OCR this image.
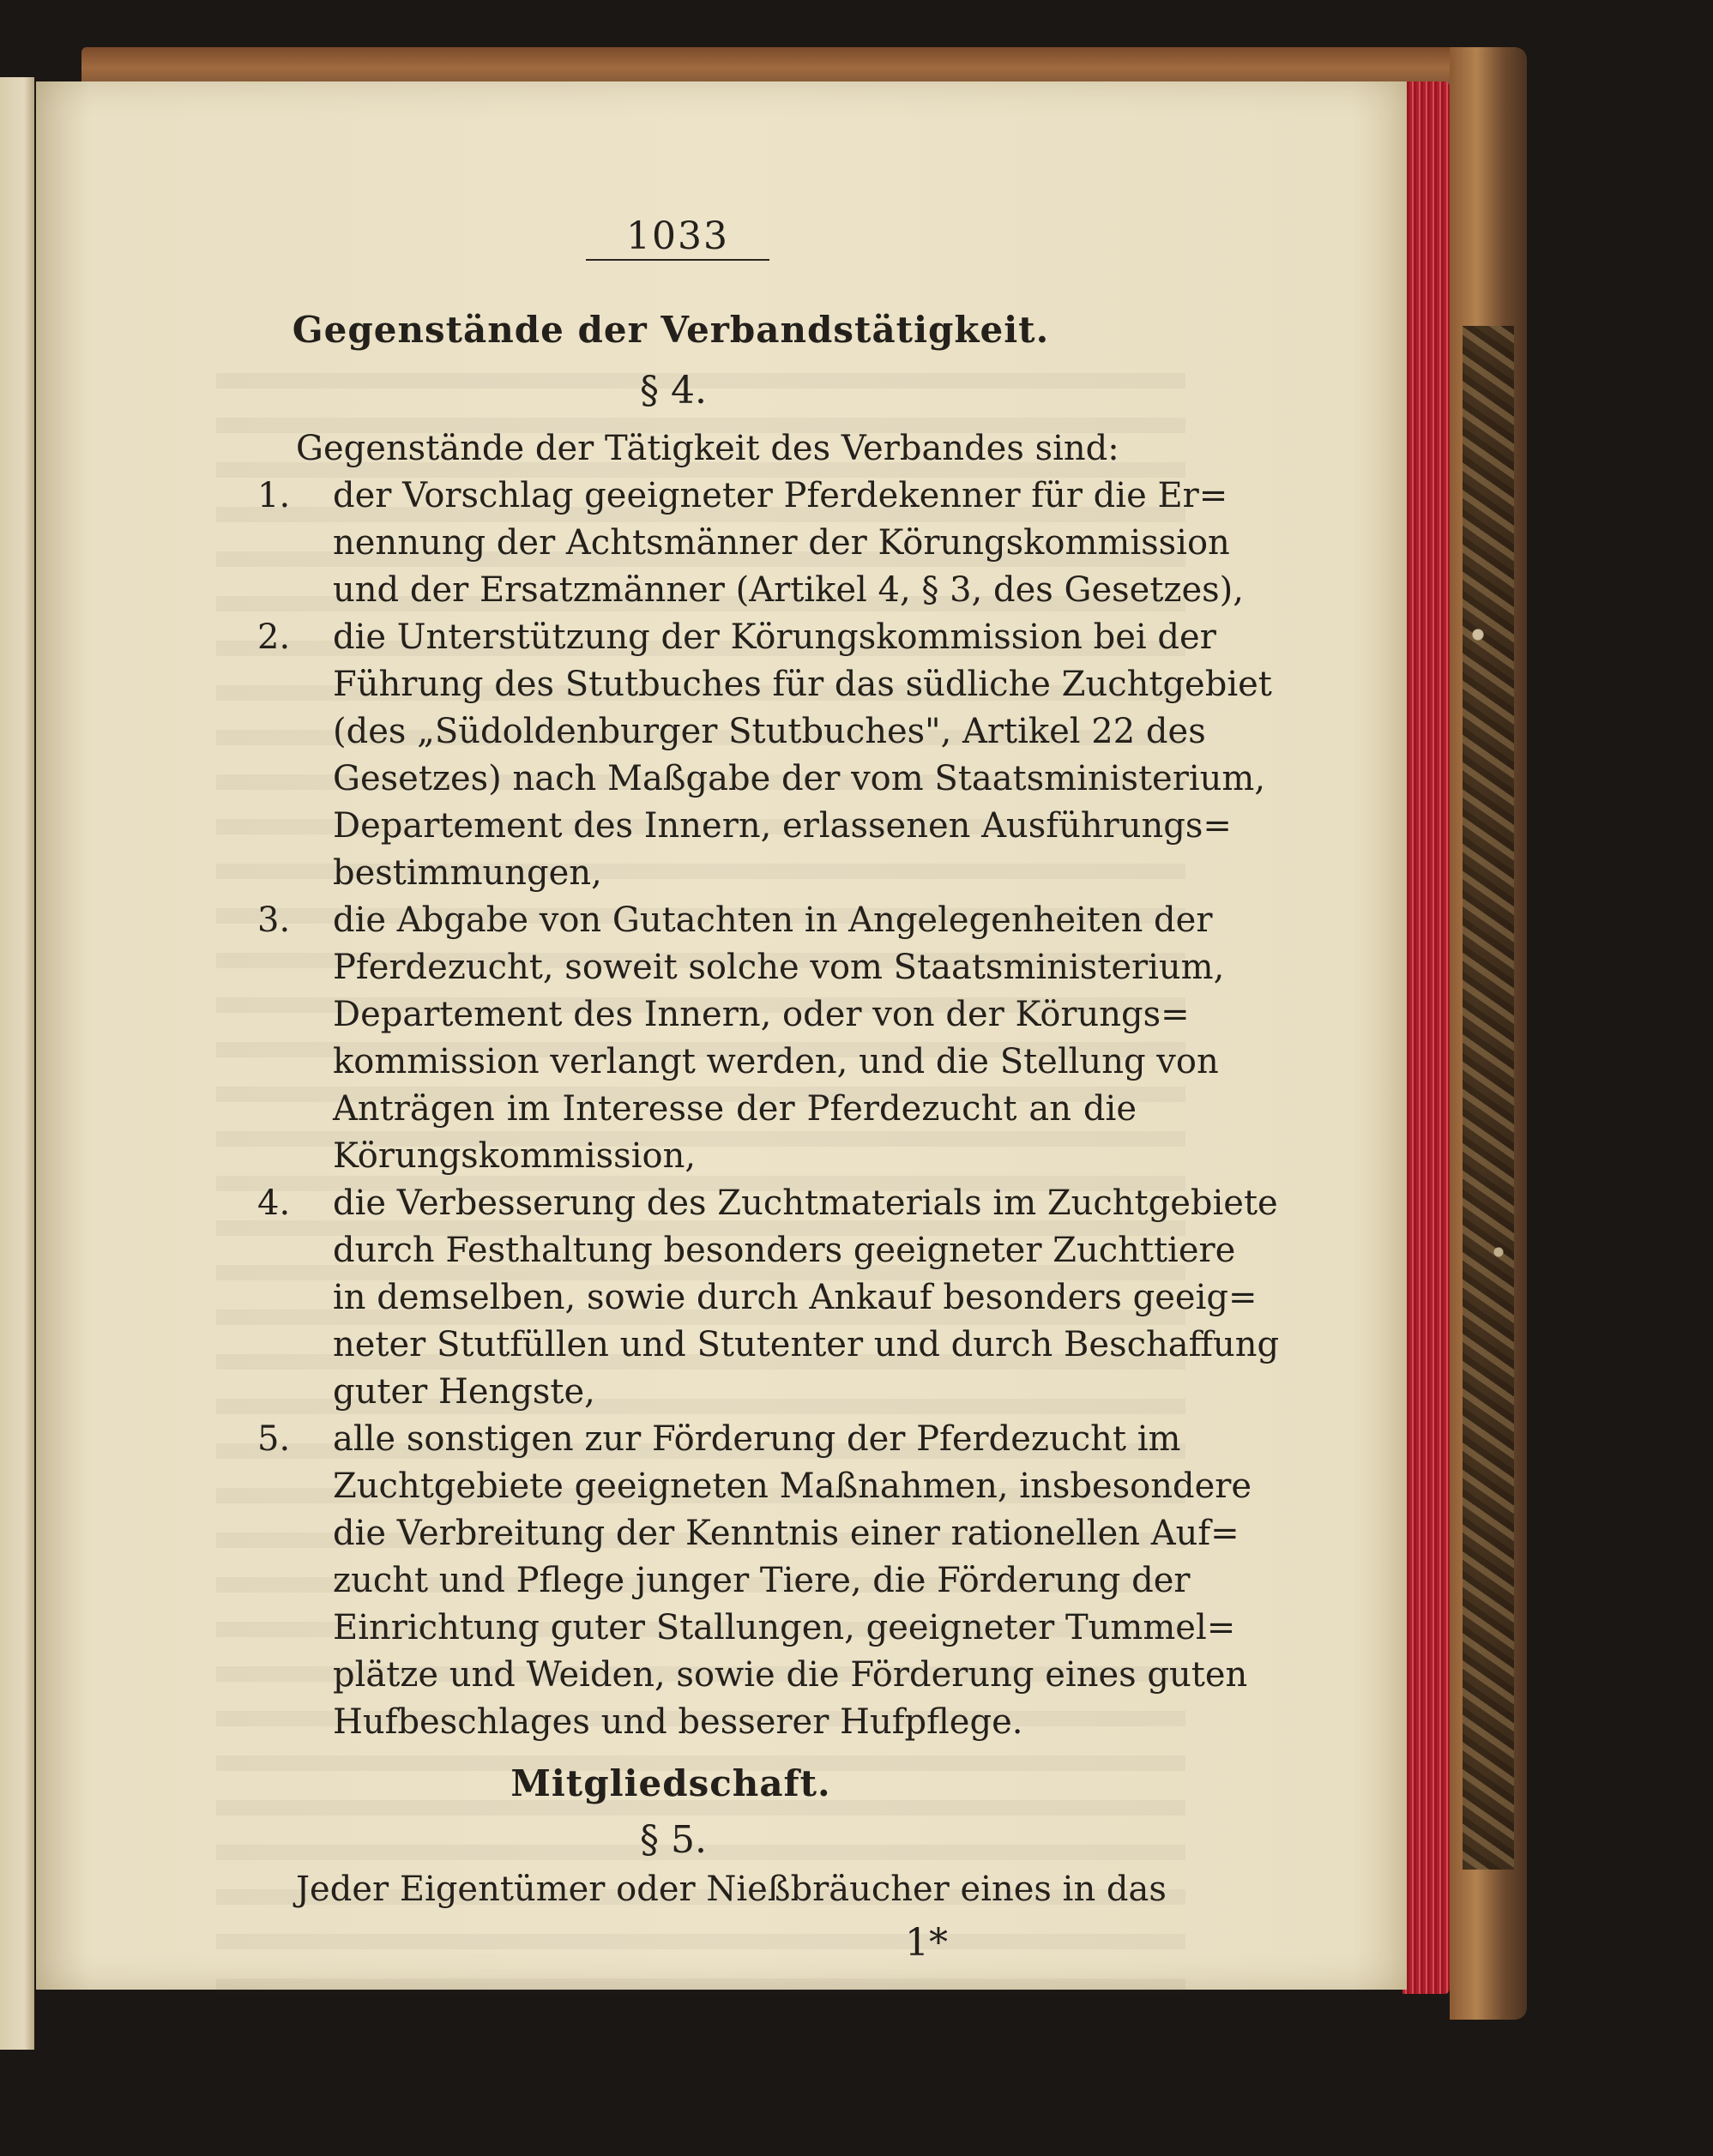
1033
Gegenstände der Verbandstätigkeit.
§ 4.
Gegenstände der Tätigkeit des Verbandes sind:
1.	der Vorschlag geeigneter Pferdekenner für die Er=
nennung der Achtsmänner der Körungskommission
und der Ersatzmänner (Artikel 4, § 3, des Gesetzes),
2.	die Unterstützung der Körungskommission bei der
Führung des Stutbuches für das südliche Zuchtgebiet
(des „Südoldenburger Stutbuches", Artikel 22 des
Gesetzes) nach Maßgabe der vom Staatsministerium,
Departement des Innern, erlassenen Ausführungs=
bestimmungen,
3.	die Abgabe von Gutachten in Angelegenheiten der
Pferdezucht, soweit solche vom Staatsministerium,
Departement des Innern, oder von der Körungs=
kommission verlangt werden, und die Stellung von
Anträgen im Interesse der Pferdezucht an die
Körungskommission,
4.	die Verbesserung des Zuchtmaterials im Zuchtgebiete
durch Festhaltung besonders geeigneter Zuchttiere
in demselben, sowie durch Ankauf besonders geeig=
neter Stutfüllen und Stutenter und durch Beschaffung
guter Hengste,
5.	alle sonstigen zur Förderung der Pferdezucht im
Zuchtgebiete geeigneten Maßnahmen, insbesondere
die Verbreitung der Kenntnis einer rationellen Auf=
zucht und Pflege junger Tiere, die Förderung der
Einrichtung guter Stallungen, geeigneter Tummel=
plätze und Weiden, sowie die Förderung eines guten
Hufbeschlages und besserer Hufpflege.
Mitgliedschaft.
§ 5.
Jeder Eigentümer oder Nießbräucher eines in das
1*
